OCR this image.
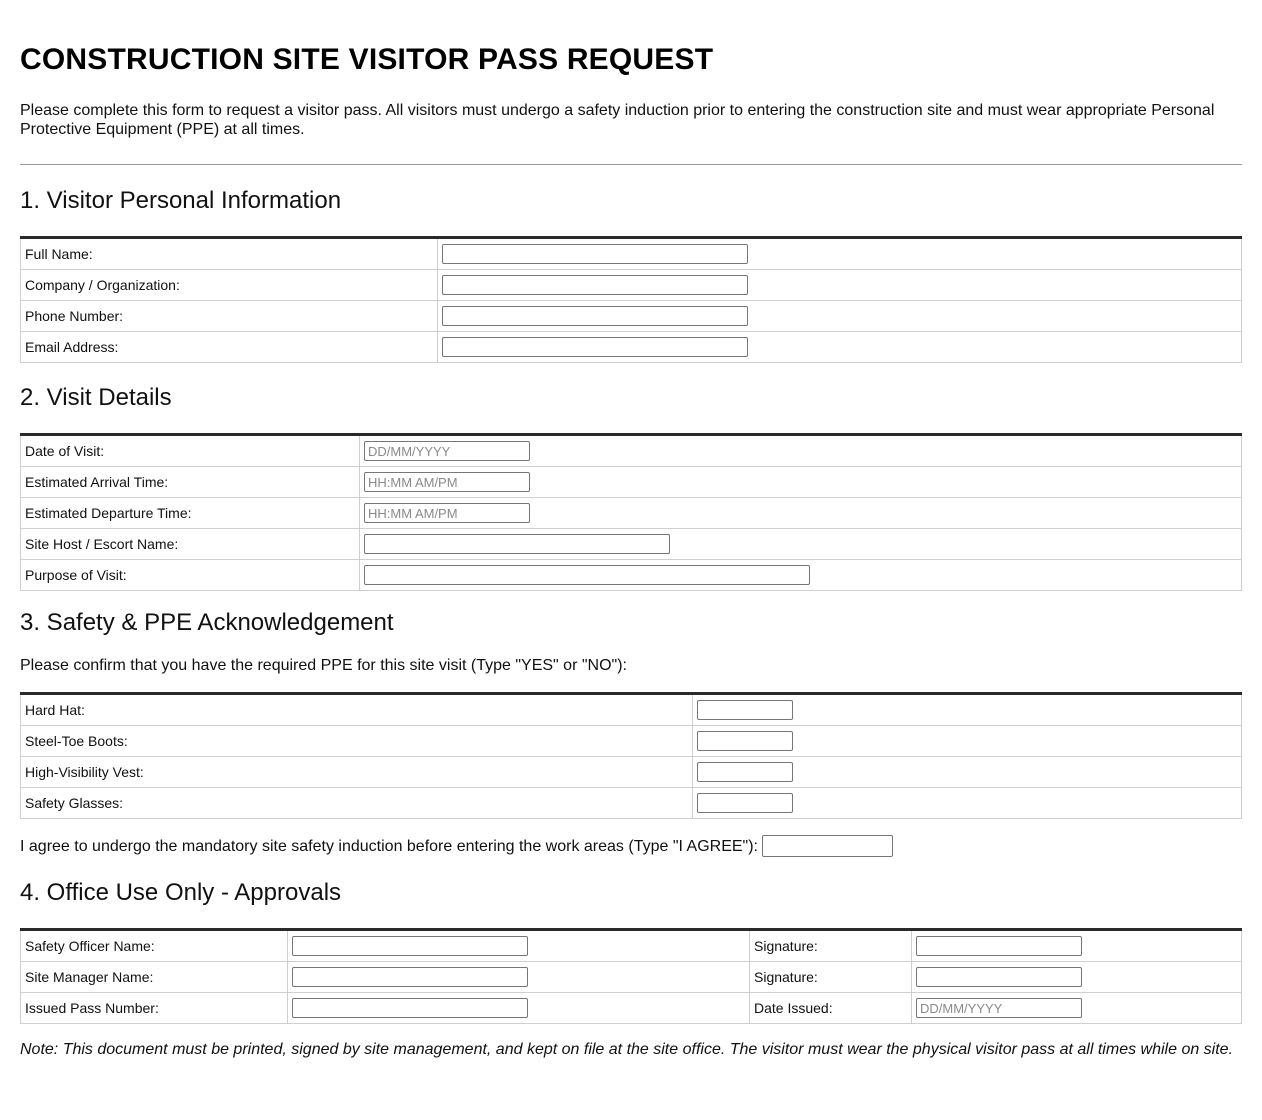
CONSTRUCTION SITE VISITOR PASS REQUEST

Please complete this form to request a visitor pass. All visitors must undergo a safety induction prior to entering the construction site and must wear appropriate Personal Protective Equipment (PPE) at all times.

1. Visitor Personal Information
Full Name:	
Company / Organization:	
Phone Number:	
Email Address:	
2. Visit Details
Date of Visit:	DD/MM/YYYY
Estimated Arrival Time:	HH:MM AM/PM
Estimated Departure Time:	HH:MM AM/PM
Site Host / Escort Name:	
Purpose of Visit:	
3. Safety & PPE Acknowledgement

Please confirm that you have the required PPE for this site visit (Type "YES" or "NO"):

Hard Hat:	
Steel-Toe Boots:	
High-Visibility Vest:	
Safety Glasses:	
I agree to undergo the mandatory site safety induction before entering the work areas (Type "I AGREE"):
4. Office Use Only - Approvals
Safety Officer Name:		Signature:	
Site Manager Name:		Signature:	
Issued Pass Number:		Date Issued:	DD/MM/YYYY

Note: This document must be printed, signed by site management, and kept on file at the site office. The visitor must wear the physical visitor pass at all times while on site.
